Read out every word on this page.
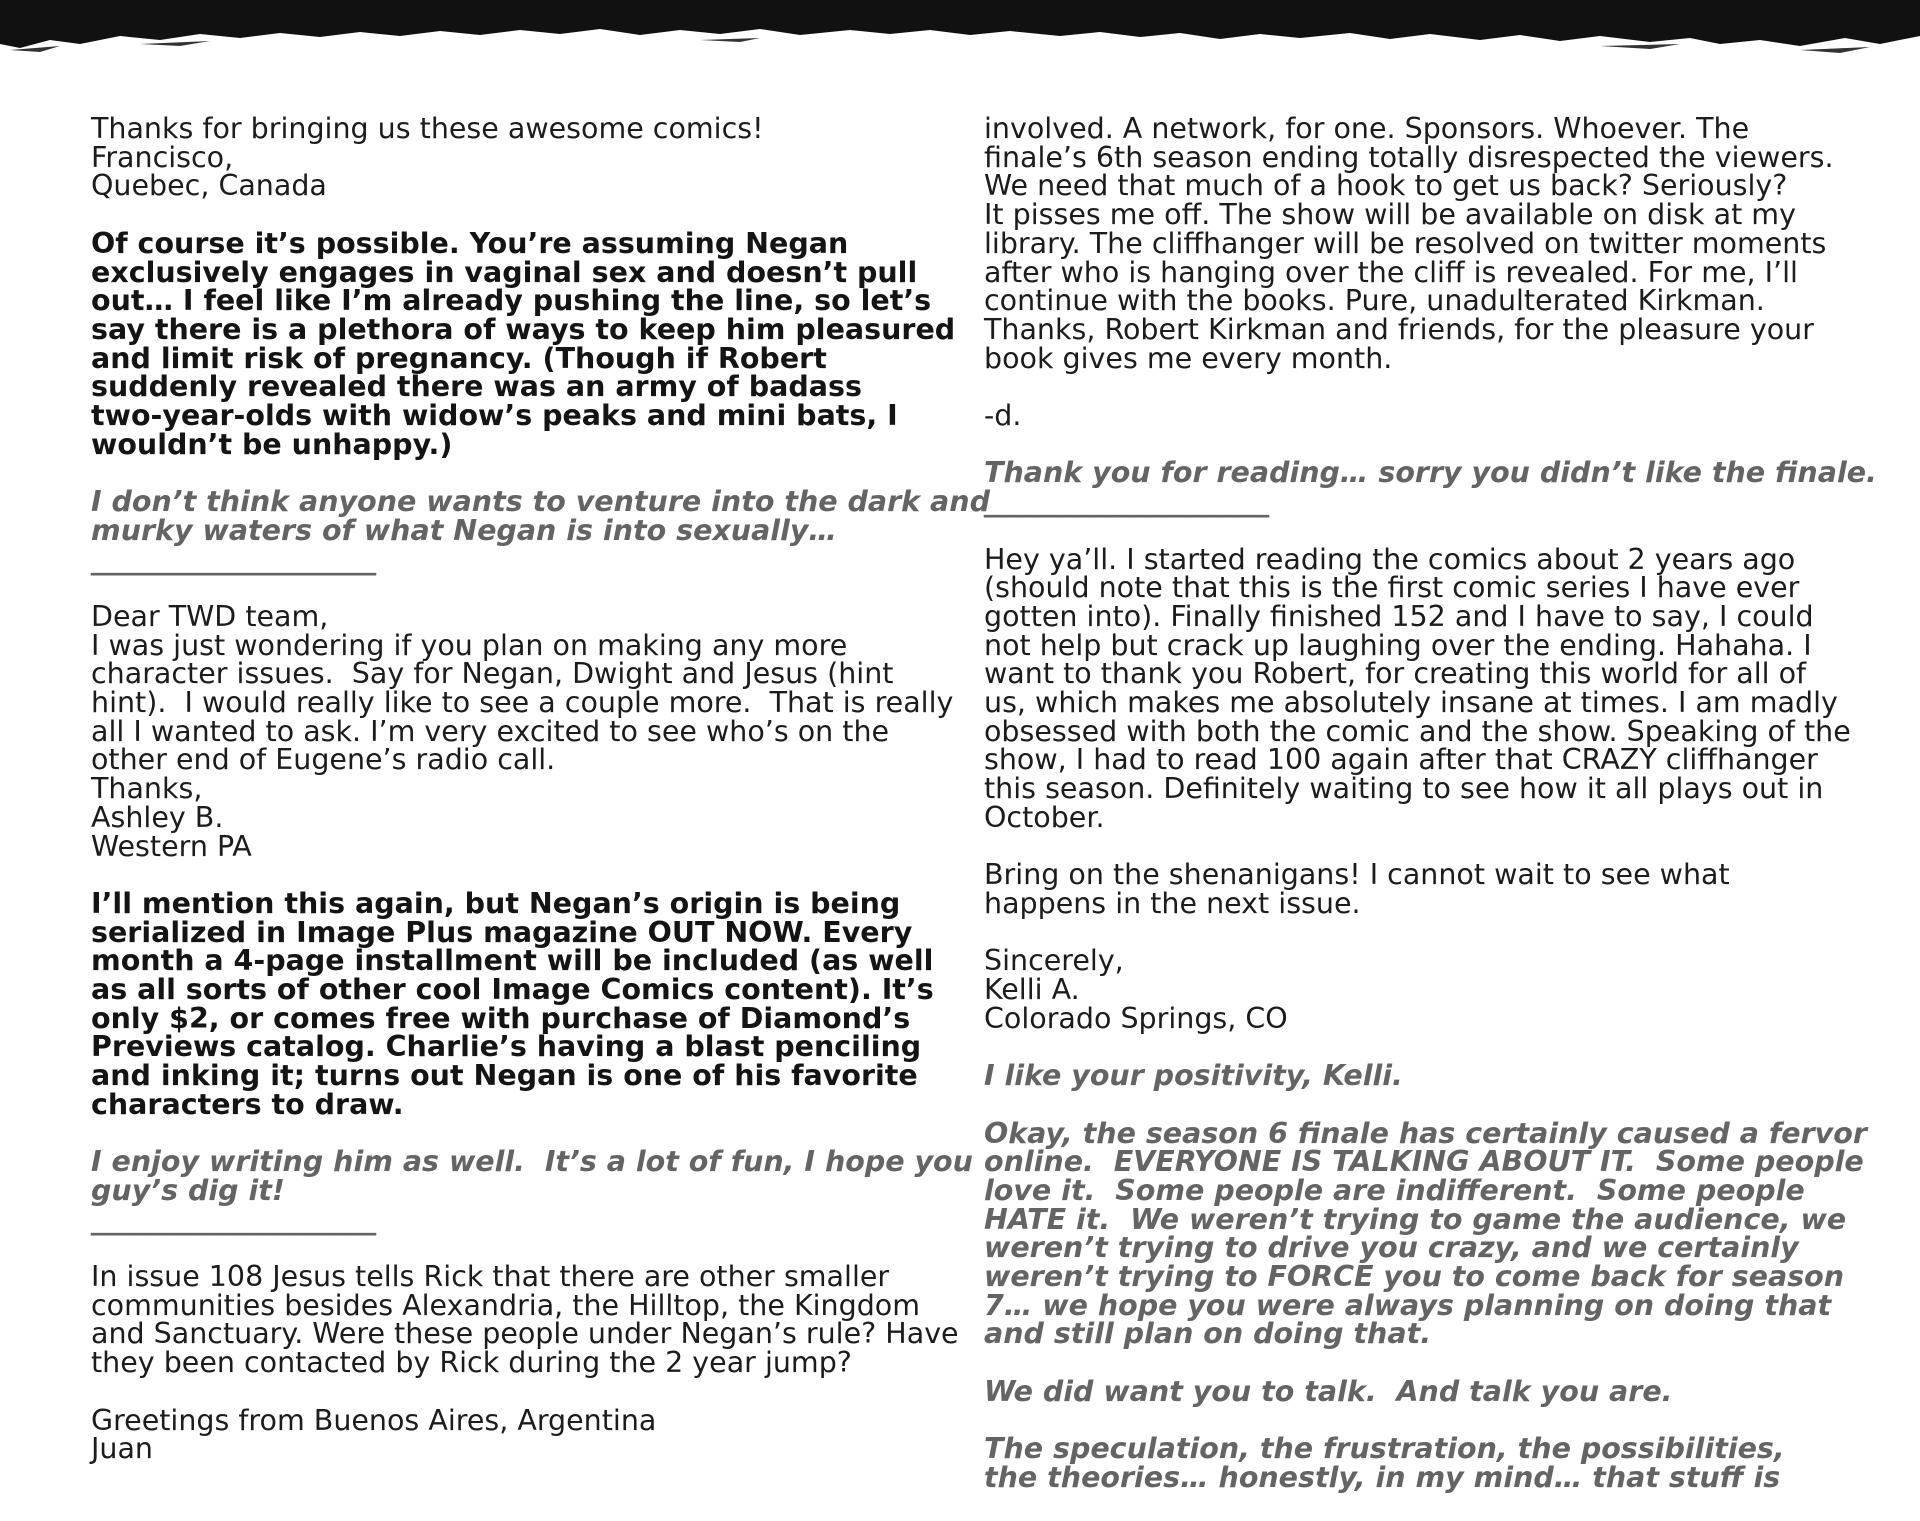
Thanks for bringing us these awesome comics!
Francisco,
Quebec, Canada

Of course it’s possible. You’re assuming Negan
exclusively engages in vaginal sex and doesn’t pull
out… I feel like I’m already pushing the line, so let’s
say there is a plethora of ways to keep him pleasured
and limit risk of pregnancy. (Though if Robert
suddenly revealed there was an army of badass
two-year-olds with widow’s peaks and mini bats, I
wouldn’t be unhappy.)

I don’t think anyone wants to venture into the dark and
murky waters of what Negan is into sexually…
____________________

Dear TWD team,
I was just wondering if you plan on making any more
character issues.  Say for Negan, Dwight and Jesus (hint
hint).  I would really like to see a couple more.  That is really
all I wanted to ask. I’m very excited to see who’s on the
other end of Eugene’s radio call.
Thanks,
Ashley B.
Western PA

I’ll mention this again, but Negan’s origin is being
serialized in Image Plus magazine OUT NOW. Every
month a 4-page installment will be included (as well
as all sorts of other cool Image Comics content). It’s
only $2, or comes free with purchase of Diamond’s
Previews catalog. Charlie’s having a blast penciling
and inking it; turns out Negan is one of his favorite
characters to draw.

I enjoy writing him as well.  It’s a lot of fun, I hope you
guy’s dig it!
____________________

In issue 108 Jesus tells Rick that there are other smaller
communities besides Alexandria, the Hilltop, the Kingdom
and Sanctuary. Were these people under Negan’s rule? Have
they been contacted by Rick during the 2 year jump?

Greetings from Buenos Aires, Argentina
Juan

involved. A network, for one. Sponsors. Whoever. The
finale’s 6th season ending totally disrespected the viewers.
We need that much of a hook to get us back? Seriously?
It pisses me off. The show will be available on disk at my
library. The cliffhanger will be resolved on twitter moments
after who is hanging over the cliff is revealed. For me, I’ll
continue with the books. Pure, unadulterated Kirkman.
Thanks, Robert Kirkman and friends, for the pleasure your
book gives me every month.

-d.

Thank you for reading… sorry you didn’t like the finale.
____________________

Hey ya’ll. I started reading the comics about 2 years ago
(should note that this is the first comic series I have ever
gotten into). Finally finished 152 and I have to say, I could
not help but crack up laughing over the ending. Hahaha. I
want to thank you Robert, for creating this world for all of
us, which makes me absolutely insane at times. I am madly
obsessed with both the comic and the show. Speaking of the
show, I had to read 100 again after that CRAZY cliffhanger
this season. Definitely waiting to see how it all plays out in
October.

Bring on the shenanigans! I cannot wait to see what
happens in the next issue.

Sincerely,
Kelli A.
Colorado Springs, CO

I like your positivity, Kelli.

Okay, the season 6 finale has certainly caused a fervor
online.  EVERYONE IS TALKING ABOUT IT.  Some people
love it.  Some people are indifferent.  Some people
HATE it.  We weren’t trying to game the audience, we
weren’t trying to drive you crazy, and we certainly
weren’t trying to FORCE you to come back for season
7… we hope you were always planning on doing that
and still plan on doing that.

We did want you to talk.  And talk you are.

The speculation, the frustration, the possibilities,
the theories… honestly, in my mind… that stuff is
